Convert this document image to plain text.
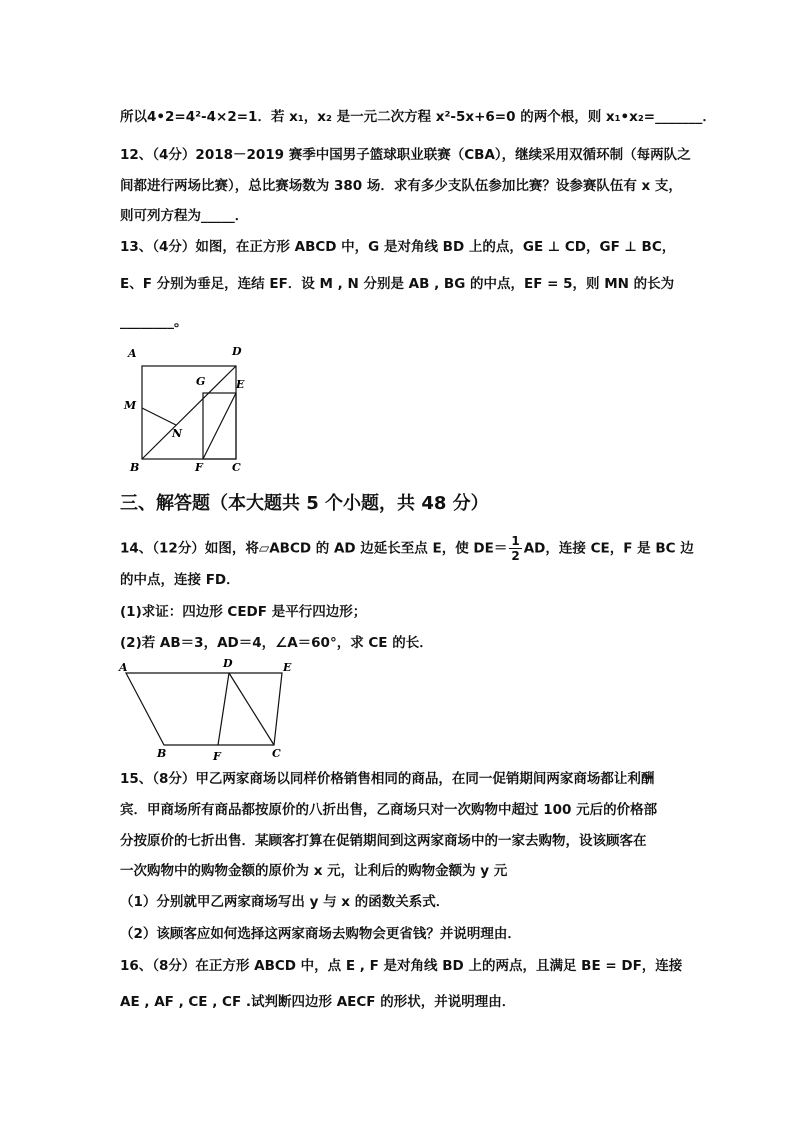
所以4•2=4²-4×2=1．若 x₁，x₂ 是一元二次方程 x²-5x+6=0 的两个根，则 x₁•x₂=_______．
12、（4分）2018－2019 赛季中国男子篮球职业联赛（CBA），继续采用双循环制（每两队之
间都进行两场比赛），总比赛场数为 380 场．求有多少支队伍参加比赛？设参赛队伍有 x 支，
则可列方程为_____．
13、（4分）如图，在正方形 ABCD 中，G 是对角线 BD 上的点，GE ⊥ CD，GF ⊥ BC，
E、F 分别为垂足，连结 EF．设 M , N 分别是 AB , BG 的中点，EF = 5，则 MN 的长为
________。
A	D
G	E
M
N
B	F	C
三、解答题（本大题共 5 个小题，共 48 分）
14、（12分）如图，将▱ABCD 的 AD 边延长至点 E，使 $DE= \frac{1}{2}$ AD，连接 CE，F 是 BC 边
的中点，连接 FD．
(1)求证：四边形 CEDF 是平行四边形；
(2)若 AB＝3，AD＝4，∠A＝60°，求 CE 的长．
A	D	E
B	F	C
15、（8分）甲乙两家商场以同样价格销售相同的商品，在同一促销期间两家商场都让利酬
宾．甲商场所有商品都按原价的八折出售，乙商场只对一次购物中超过 100 元后的价格部
分按原价的七折出售．某顾客打算在促销期间到这两家商场中的一家去购物，设该顾客在
一次购物中的购物金额的原价为 x 元，让利后的购物金额为 y 元
（1）分别就甲乙两家商场写出 y 与 x 的函数关系式．
（2）该顾客应如何选择这两家商场去购物会更省钱？并说明理由．
16、（8分）在正方形 ABCD 中，点 E , F 是对角线 BD 上的两点，且满足 BE = DF，连接
AE , AF , CE , CF .试判断四边形 AECF 的形状，并说明理由．
